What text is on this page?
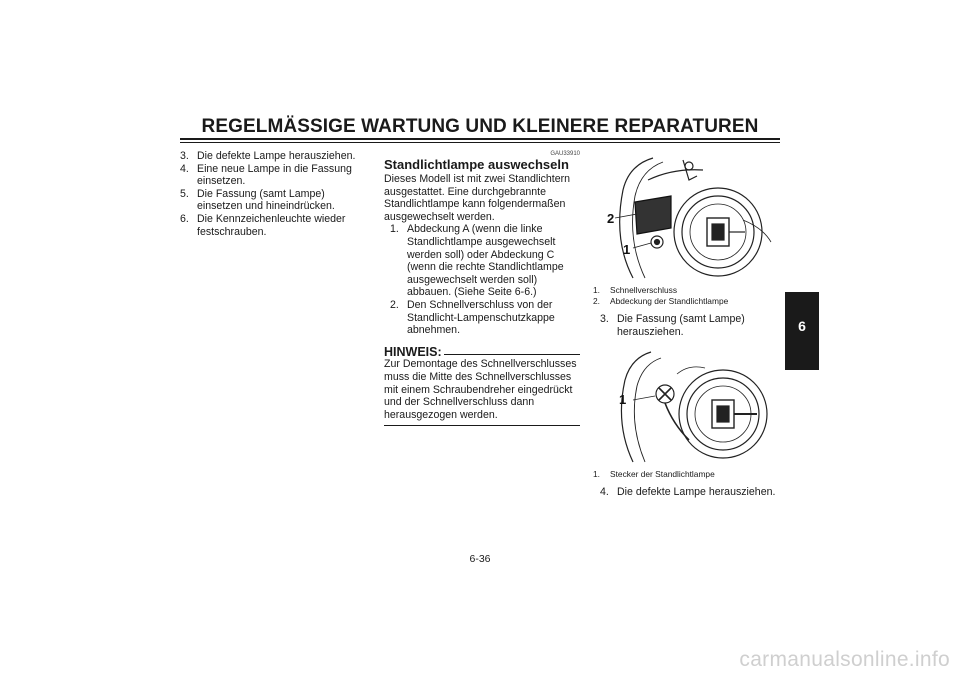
REGELMÄSSIGE WARTUNG UND KLEINERE REPARATUREN
3. Die defekte Lampe herausziehen.
4. Eine neue Lampe in die Fassung einsetzen.
5. Die Fassung (samt Lampe) einsetzen und hineindrücken.
6. Die Kennzeichenleuchte wieder festschrauben.
GAU33910
Standlichtlampe auswechseln
Dieses Modell ist mit zwei Standlichtern ausgestattet. Eine durchgebrannte Standlichtlampe kann folgendermaßen ausgewechselt werden.
1. Abdeckung A (wenn die linke Standlichtlampe ausgewechselt werden soll) oder Abdeckung C (wenn die rechte Standlichtlampe ausgewechselt werden soll) abbauen. (Siehe Seite 6-6.)
2. Den Schnellverschluss von der Standlicht-Lampenschutzkappe abnehmen.
HINWEIS:
Zur Demontage des Schnellverschlusses muss die Mitte des Schnellverschlusses mit einem Schraubendreher eingedrückt und der Schnellverschluss dann herausgezogen werden.
2
1
1. Schnellverschluss
2. Abdeckung der Standlichtlampe
3. Die Fassung (samt Lampe) herausziehen.
1
1. Stecker der Standlichtlampe
4. Die defekte Lampe herausziehen.
6
6-36
carmanualsonline.info
